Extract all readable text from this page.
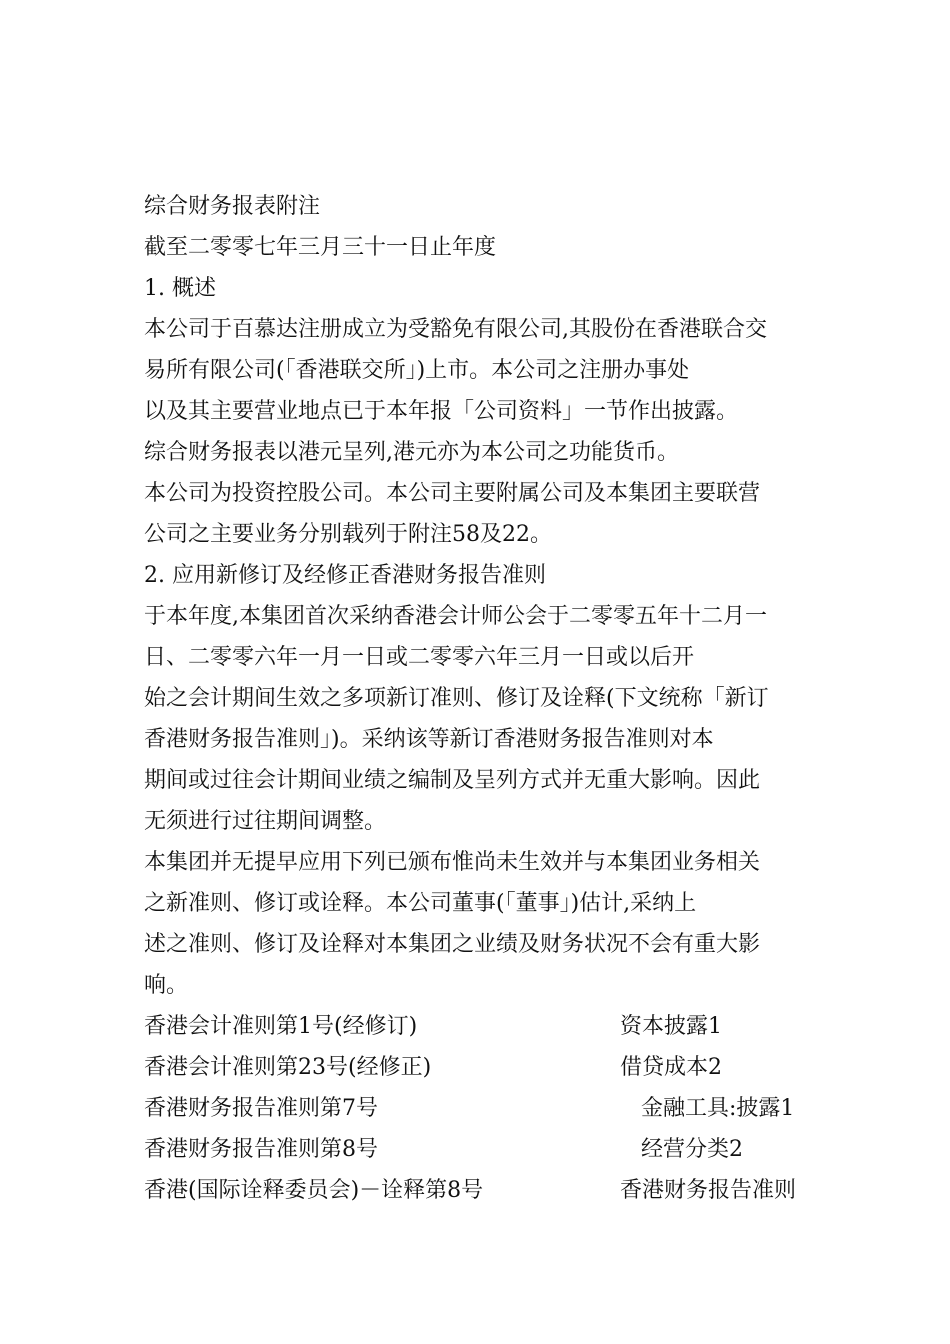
综合财务报表附注
截至二零零七年三月三十一日止年度
1. 概述
本公司于百慕达注册成立为受豁免有限公司,其股份在香港联合交
易所有限公司(「香港联交所」)上市。本公司之注册办事处
以及其主要营业地点已于本年报「公司资料」一节作出披露。
综合财务报表以港元呈列,港元亦为本公司之功能货币。
本公司为投资控股公司。本公司主要附属公司及本集团主要联营
公司之主要业务分别载列于附注58及22。
2. 应用新修订及经修正香港财务报告准则
于本年度,本集团首次采纳香港会计师公会于二零零五年十二月一
日、二零零六年一月一日或二零零六年三月一日或以后开
始之会计期间生效之多项新订准则、修订及诠释(下文统称「新订
香港财务报告准则」)。采纳该等新订香港财务报告准则对本
期间或过往会计期间业绩之编制及呈列方式并无重大影响。因此
无须进行过往期间调整。
本集团并无提早应用下列已颁布惟尚未生效并与本集团业务相关
之新准则、修订或诠释。本公司董事(「董事」)估计,采纳上
述之准则、修订及诠释对本集团之业绩及财务状况不会有重大影
响。
香港会计准则第1号(经修订)	资本披露1
香港会计准则第23号(经修正)	借贷成本2
香港财务报告准则第7号	金融工具:披露1
香港财务报告准则第8号	经营分类2
香港(国际诠释委员会)－诠释第8号	香港财务报告准则
